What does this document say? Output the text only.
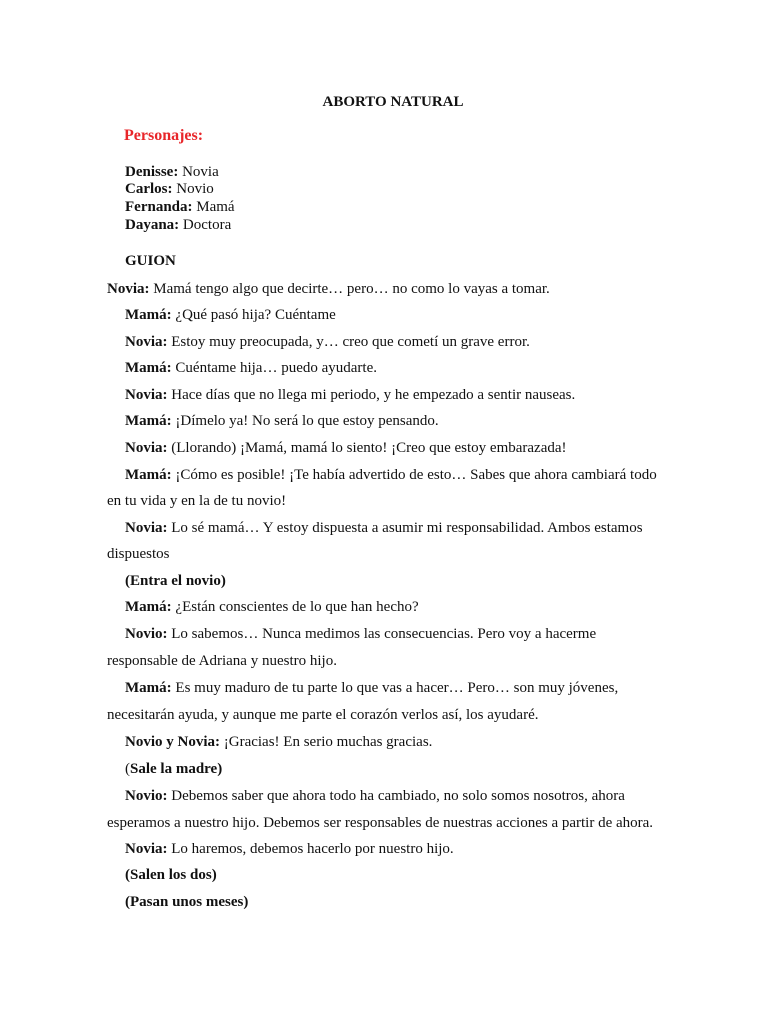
ABORTO NATURAL
Personajes:
Denisse: Novia
Carlos: Novio
Fernanda: Mamá
Dayana: Doctora
GUION
Novia: Mamá tengo algo que decirte… pero… no como lo vayas a tomar.
Mamá: ¿Qué pasó hija? Cuéntame
Novia: Estoy muy preocupada, y… creo que cometí un grave error.
Mamá: Cuéntame hija… puedo ayudarte.
Novia: Hace días que no llega mi periodo, y he empezado a sentir nauseas.
Mamá: ¡Dímelo ya! No será lo que estoy pensando.
Novia: (Llorando) ¡Mamá, mamá lo siento! ¡Creo que estoy embarazada!
Mamá: ¡Cómo es posible! ¡Te había advertido de esto… Sabes que ahora cambiará todo
en tu vida y en la de tu novio!
Novia: Lo sé mamá… Y estoy dispuesta a asumir mi responsabilidad. Ambos estamos
dispuestos
(Entra el novio)
Mamá: ¿Están conscientes de lo que han hecho?
Novio: Lo sabemos… Nunca medimos las consecuencias. Pero voy a hacerme
responsable de Adriana y nuestro hijo.
Mamá: Es muy maduro de tu parte lo que vas a hacer… Pero… son muy jóvenes,
necesitarán ayuda, y aunque me parte el corazón verlos así, los ayudaré.
Novio y Novia: ¡Gracias! En serio muchas gracias.
(Sale la madre)
Novio: Debemos saber que ahora todo ha cambiado, no solo somos nosotros, ahora
esperamos a nuestro hijo. Debemos ser responsables de nuestras acciones a partir de ahora.
Novia: Lo haremos, debemos hacerlo por nuestro hijo.
(Salen los dos)
(Pasan unos meses)
